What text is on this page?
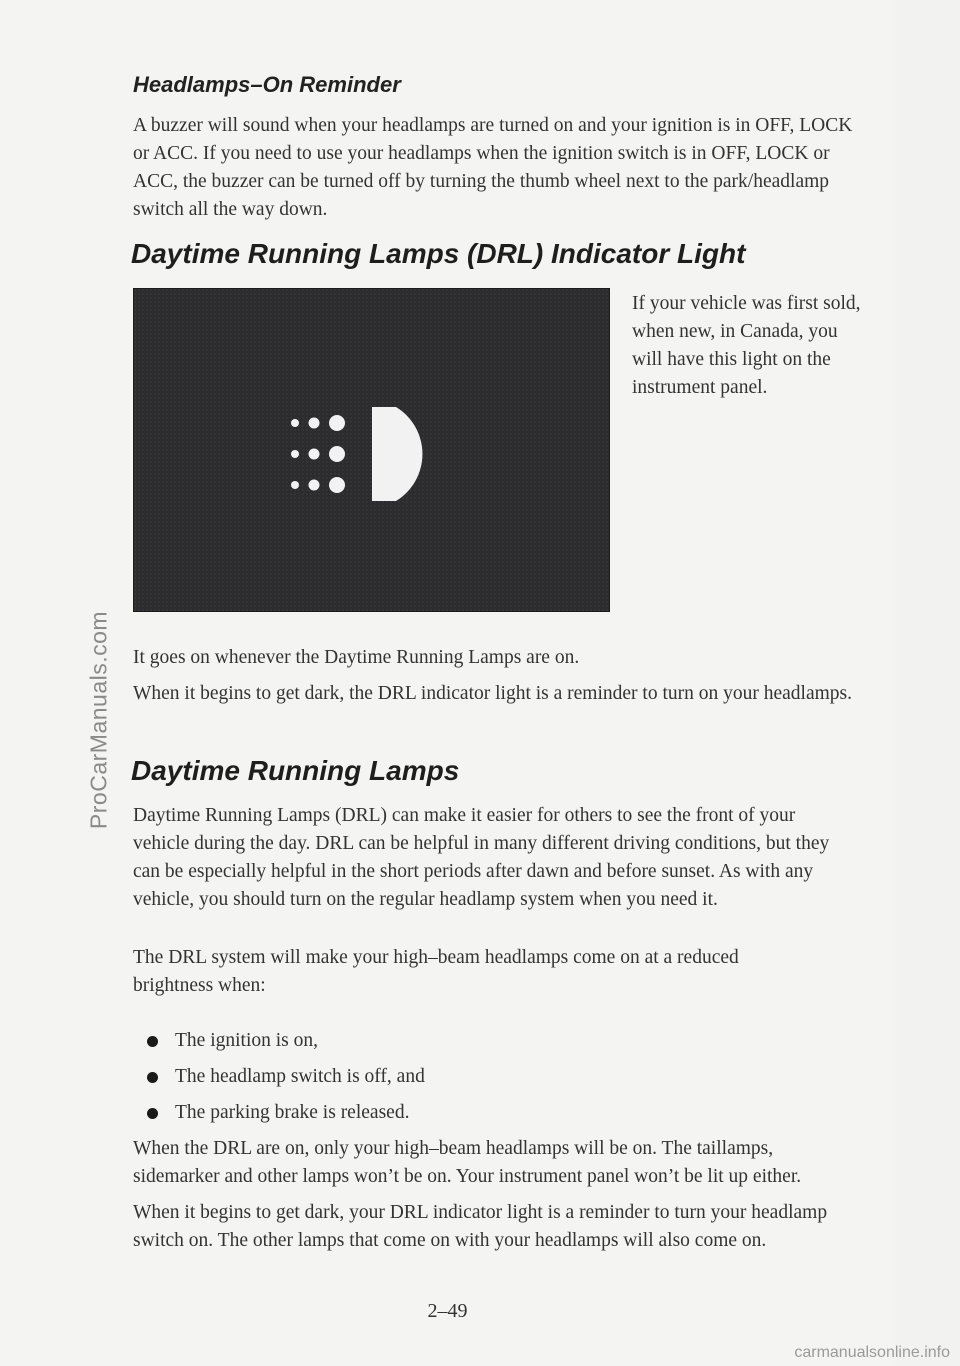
Headlamps–On Reminder

A buzzer will sound when your headlamps are turned on and your ignition is in OFF, LOCK or ACC. If you need to use your headlamps when the ignition switch is in OFF, LOCK or ACC, the buzzer can be turned off by turning the thumb wheel next to the park/headlamp switch all the way down.

Daytime Running Lamps (DRL) Indicator Light

If your vehicle was first sold, when new, in Canada, you will have this light on the instrument panel.

It goes on whenever the Daytime Running Lamps are on.

When it begins to get dark, the DRL indicator light is a reminder to turn on your headlamps.

Daytime Running Lamps

Daytime Running Lamps (DRL) can make it easier for others to see the front of your vehicle during the day. DRL can be helpful in many different driving conditions, but they can be especially helpful in the short periods after dawn and before sunset. As with any vehicle, you should turn on the regular headlamp system when you need it.

The DRL system will make your high–beam headlamps come on at a reduced brightness when:

The ignition is on,
The headlamp switch is off, and
The parking brake is released.

When the DRL are on, only your high–beam headlamps will be on. The taillamps, sidemarker and other lamps won’t be on. Your instrument panel won’t be lit up either.

When it begins to get dark, your DRL indicator light is a reminder to turn your headlamp switch on. The other lamps that come on with your headlamps will also come on.

2–49
ProCarManuals.com
carmanualsonline.info
